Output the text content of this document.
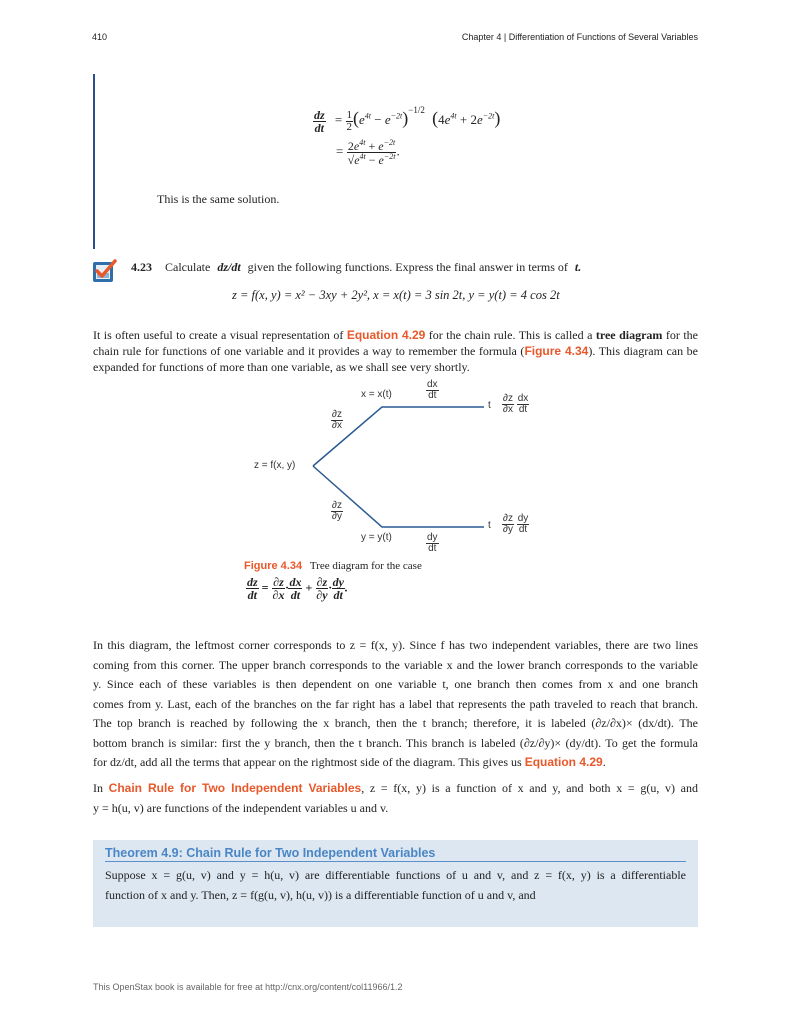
410	Chapter 4 | Differentiation of Functions of Several Variables
$\frac{dz}{dt} = \frac{1}{2} (e^{4t} - e^{-2t})^{-1/2}$ $(4e^{4t} + 2e^{-2t})$
= $\frac{2e^{4t} + e^{-2t}}{√e^{4t} - e^{-2t}}$ .
This is the same solution.
4.23 Calculate dz/dt given the following functions. Express the final answer in terms of t.
z = f(x, y) = x² − 3xy + 2y², x = x(t) = 3 sin 2t, y = y(t) = 4 cos 2t
It is often useful to create a visual representation of Equation 4.29 for the chain rule. This is called a tree diagram for the chain rule for functions of one variable and it provides a way to remember the formula (Figure 4.34). This diagram can be expanded for functions of more than one variable, as we shall see very shortly.
z = f(x, y)
x = x(t)
y = y(t)
$\frac{\partial z}{\partial x}$
$\frac{\partial z}{\partial y}$
$\frac{dx}{dt}$
$\frac{dy}{dt}$
t
t
$\frac{\partial z}{\partial x}$
$\frac{dx}{dt}$
$\frac{\partial z}{\partial y}$
$\frac{dy}{dt}$
Figure 4.34 Tree diagram for the case
$\frac{dz}{dt} = \frac{\partial z}{\partial x} \cdot \frac{dx}{dt} + \frac{\partial z}{\partial y} \cdot \frac{dy}{dt}$ .
In this diagram, the leftmost corner corresponds to z = f(x, y). Since f has two independent variables, there are two lines
coming from this corner. The upper branch corresponds to the variable x and the lower branch corresponds to the variable
y. Since each of these variables is then dependent on one variable t, one branch then comes from x and one branch
comes from y. Last, each of the branches on the far right has a label that represents the path traveled to reach that branch.
The top branch is reached by following the x branch, then the t branch; therefore, it is labeled (∂z/∂x)× (dx/dt). The
bottom branch is similar: first the y branch, then the t branch. This branch is labeled (∂z/∂y)× (dy/dt). To get the formula
for dz/dt, add all the terms that appear on the rightmost side of the diagram. This gives us Equation 4.29.
In Chain Rule for Two Independent Variables, z = f(x, y) is a function of x and y, and both x = g(u, v) and
y = h(u, v) are functions of the independent variables u and v.
Theorem 4.9: Chain Rule for Two Independent Variables
Suppose x = g(u, v) and y = h(u, v) are differentiable functions of u and v, and z = f(x, y) is a differentiable
function of x and y. Then, z = f(g(u, v), h(u, v)) is a differentiable function of u and v, and
This OpenStax book is available for free at http://cnx.org/content/col11966/1.2
